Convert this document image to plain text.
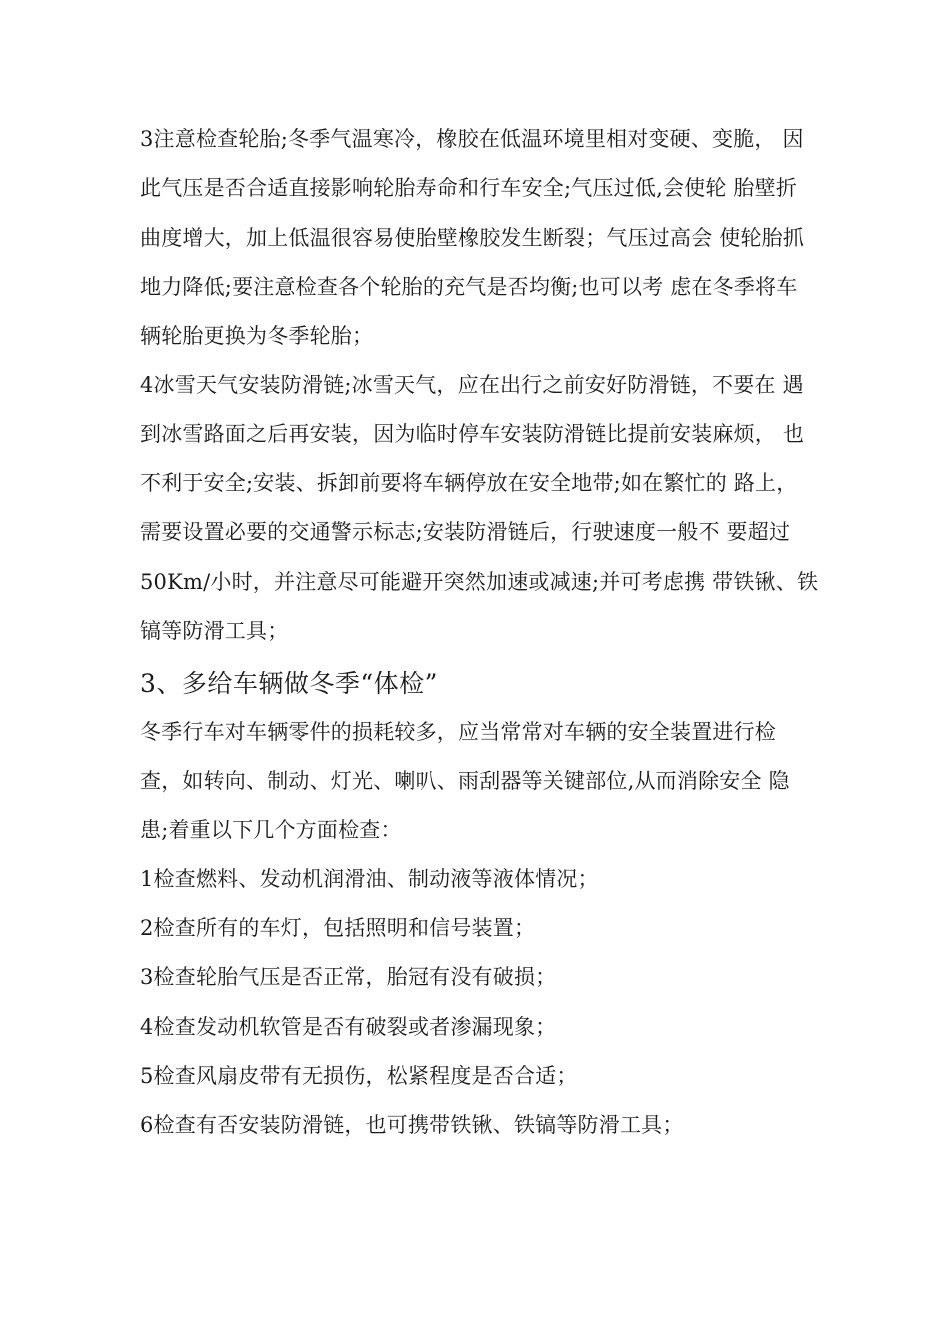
3注意检查轮胎;冬季气温寒冷，橡胶在低温环境里相对变硬、变脆， 因
此气压是否合适直接影响轮胎寿命和行车安全;气压过低,会使轮 胎壁折
曲度增大，加上低温很容易使胎壁橡胶发生断裂；气压过高会 使轮胎抓
地力降低;要注意检查各个轮胎的充气是否均衡;也可以考 虑在冬季将车
辆轮胎更换为冬季轮胎；
4冰雪天气安装防滑链;冰雪天气，应在出行之前安好防滑链，不要在 遇
到冰雪路面之后再安装，因为临时停车安装防滑链比提前安装麻烦， 也
不利于安全;安装、拆卸前要将车辆停放在安全地带;如在繁忙的 路上，
需要设置必要的交通警示标志;安装防滑链后，行驶速度一般不 要超过
50Km/小时，并注意尽可能避开突然加速或减速;并可考虑携 带铁锹、铁
镐等防滑工具；
3、多给车辆做冬季“体检”
冬季行车对车辆零件的损耗较多，应当常常对车辆的安全装置进行检
查，如转向、制动、灯光、喇叭、雨刮器等关键部位,从而消除安全 隐
患;着重以下几个方面检查：
1检查燃料、发动机润滑油、制动液等液体情况；
2检查所有的车灯，包括照明和信号装置；
3检查轮胎气压是否正常，胎冠有没有破损；
4检查发动机软管是否有破裂或者渗漏现象；
5检查风扇皮带有无损伤，松紧程度是否合适；
6检查有否安装防滑链，也可携带铁锹、铁镐等防滑工具；
